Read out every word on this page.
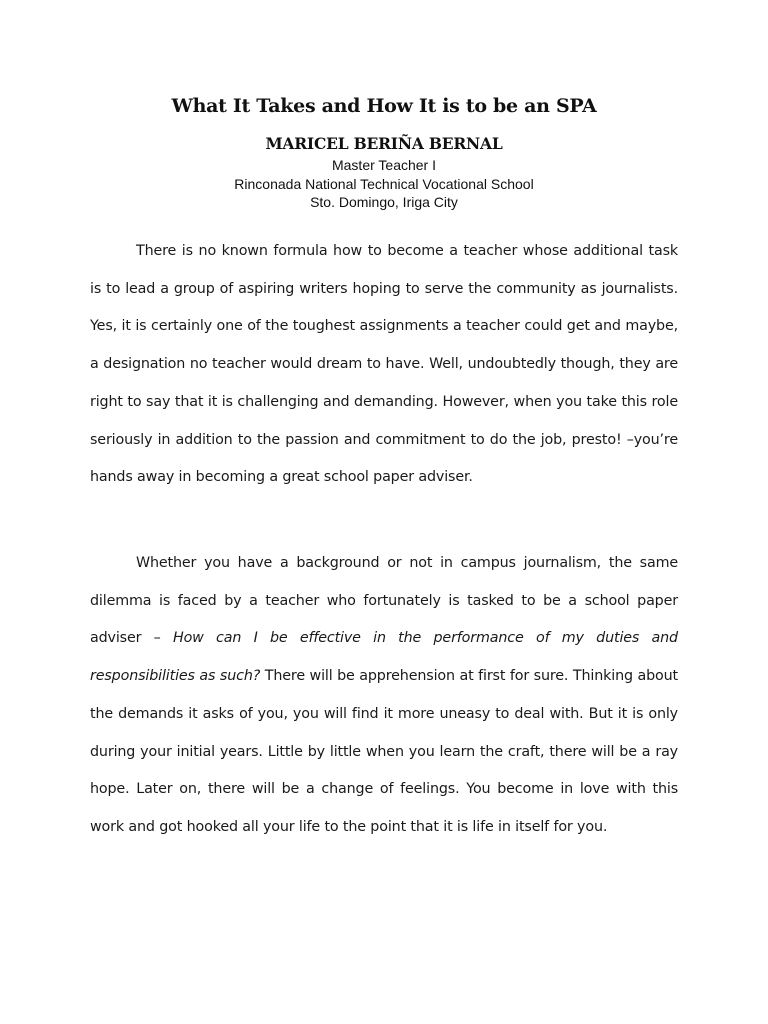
What It Takes and How It is to be an SPA
MARICEL BERIÑA BERNAL
Master Teacher I
Rinconada National Technical Vocational School
Sto. Domingo, Iriga City

There is no known formula how to become a teacher whose additional task is to lead a group of aspiring writers hoping to serve the community as journalists. Yes, it is certainly one of the toughest assignments a teacher could get and maybe, a designation no teacher would dream to have. Well, undoubtedly though, they are right to say that it is challenging and demanding. However, when you take this role seriously in addition to the passion and commitment to do the job, presto! –you’re hands away in becoming a great school paper adviser.

Whether you have a background or not in campus journalism, the same dilemma is faced by a teacher who fortunately is tasked to be a school paper adviser – How can I be effective in the performance of my duties and responsibilities as such? There will be apprehension at first for sure. Thinking about the demands it asks of you, you will find it more uneasy to deal with. But it is only during your initial years. Little by little when you learn the craft, there will be a ray hope. Later on, there will be a change of feelings. You become in love with this work and got hooked all your life to the point that it is life in itself for you.
